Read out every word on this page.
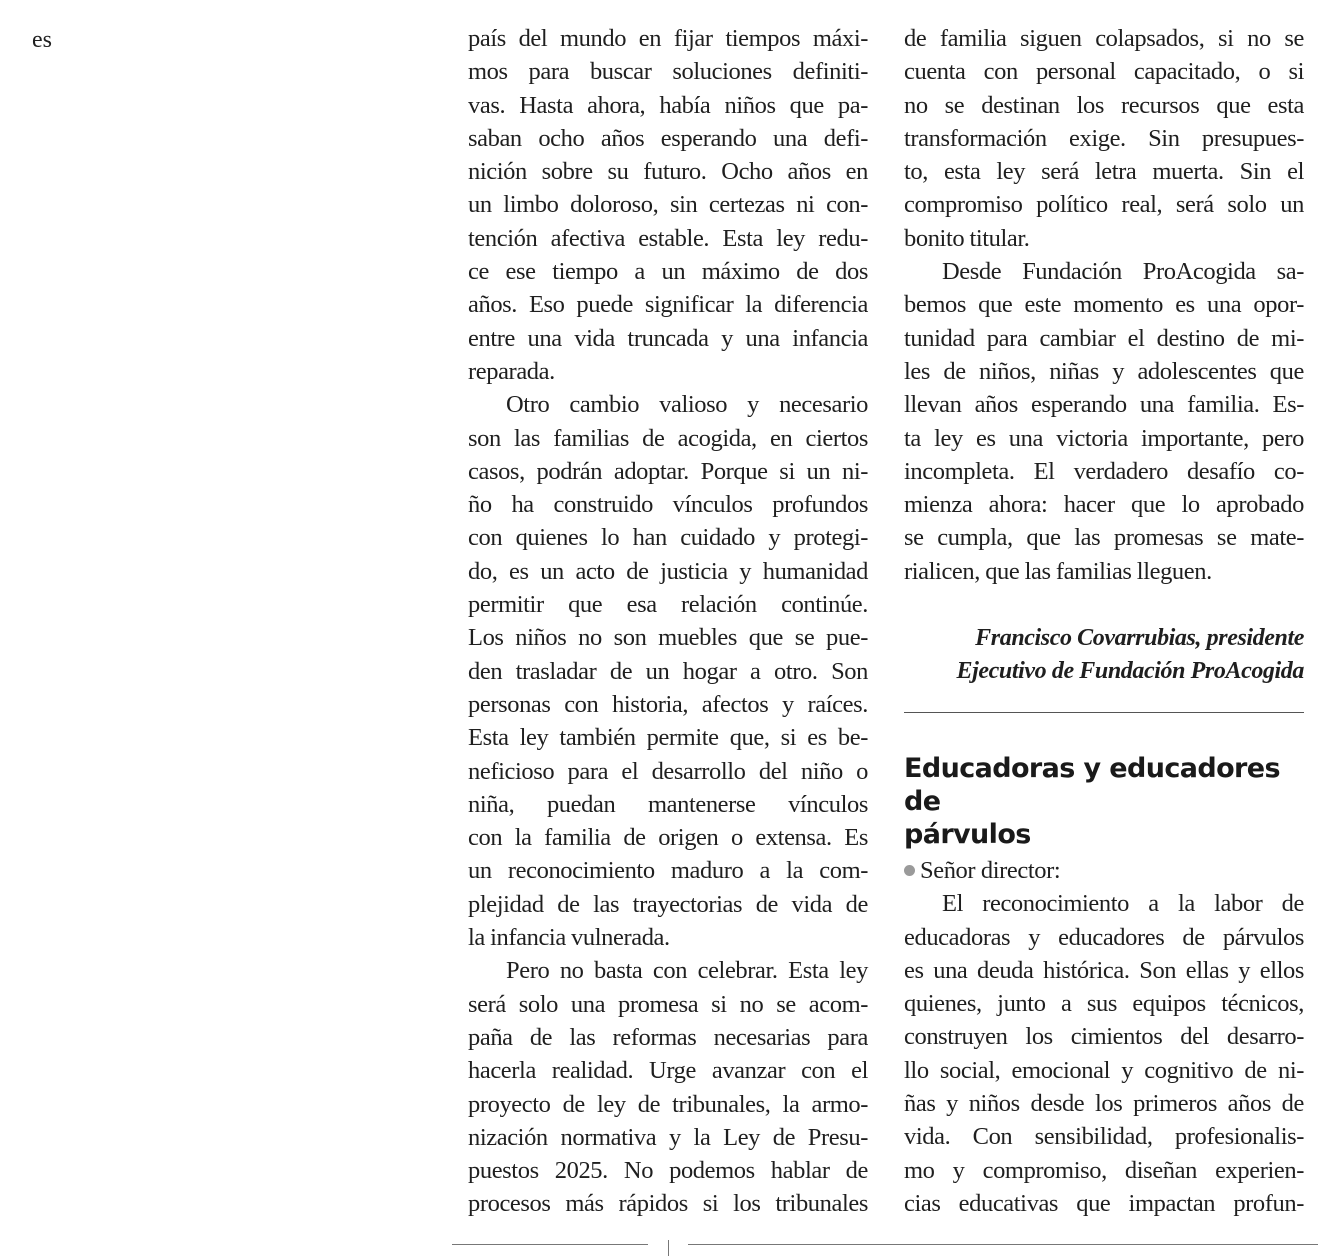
es	país del mundo en fijar tiempos máxi-
mos para buscar soluciones definiti-
vas. Hasta ahora, había niños que pa-
saban ocho años esperando una defi-
nición sobre su futuro. Ocho años en
un limbo doloroso, sin certezas ni con-
tención afectiva estable. Esta ley redu-
ce ese tiempo a un máximo de dos
años. Eso puede significar la diferencia
entre una vida truncada y una infancia
reparada.

Otro cambio valioso y necesario
son las familias de acogida, en ciertos
casos, podrán adoptar. Porque si un ni-
ño ha construido vínculos profundos
con quienes lo han cuidado y protegi-
do, es un acto de justicia y humanidad
permitir que esa relación continúe.
Los niños no son muebles que se pue-
den trasladar de un hogar a otro. Son
personas con historia, afectos y raíces.
Esta ley también permite que, si es be-
neficioso para el desarrollo del niño o
niña, puedan mantenerse vínculos
con la familia de origen o extensa. Es
un reconocimiento maduro a la com-
plejidad de las trayectorias de vida de
la infancia vulnerada.

Pero no basta con celebrar. Esta ley
será solo una promesa si no se acom-
paña de las reformas necesarias para
hacerla realidad. Urge avanzar con el
proyecto de ley de tribunales, la armo-
nización normativa y la Ley de Presu-
puestos 2025. No podemos hablar de
procesos más rápidos si los tribunales

de familia siguen colapsados, si no se
cuenta con personal capacitado, o si
no se destinan los recursos que esta
transformación exige. Sin presupues-
to, esta ley será letra muerta. Sin el
compromiso político real, será solo un
bonito titular.

Desde Fundación ProAcogida sa-
bemos que este momento es una opor-
tunidad para cambiar el destino de mi-
les de niños, niñas y adolescentes que
llevan años esperando una familia. Es-
ta ley es una victoria importante, pero
incompleta. El verdadero desafío co-
mienza ahora: hacer que lo aprobado
se cumpla, que las promesas se mate-
rialicen, que las familias lleguen.

Francisco Covarrubias, presidente
Ejecutivo de Fundación ProAcogida
Educadoras y educadores de
párvulos
Señor director:

El reconocimiento a la labor de
educadoras y educadores de párvulos
es una deuda histórica. Son ellas y ellos
quienes, junto a sus equipos técnicos,
construyen los cimientos del desarro-
llo social, emocional y cognitivo de ni-
ñas y niños desde los primeros años de
vida. Con sensibilidad, profesionalis-
mo y compromiso, diseñan experien-
cias educativas que impactan profun-
